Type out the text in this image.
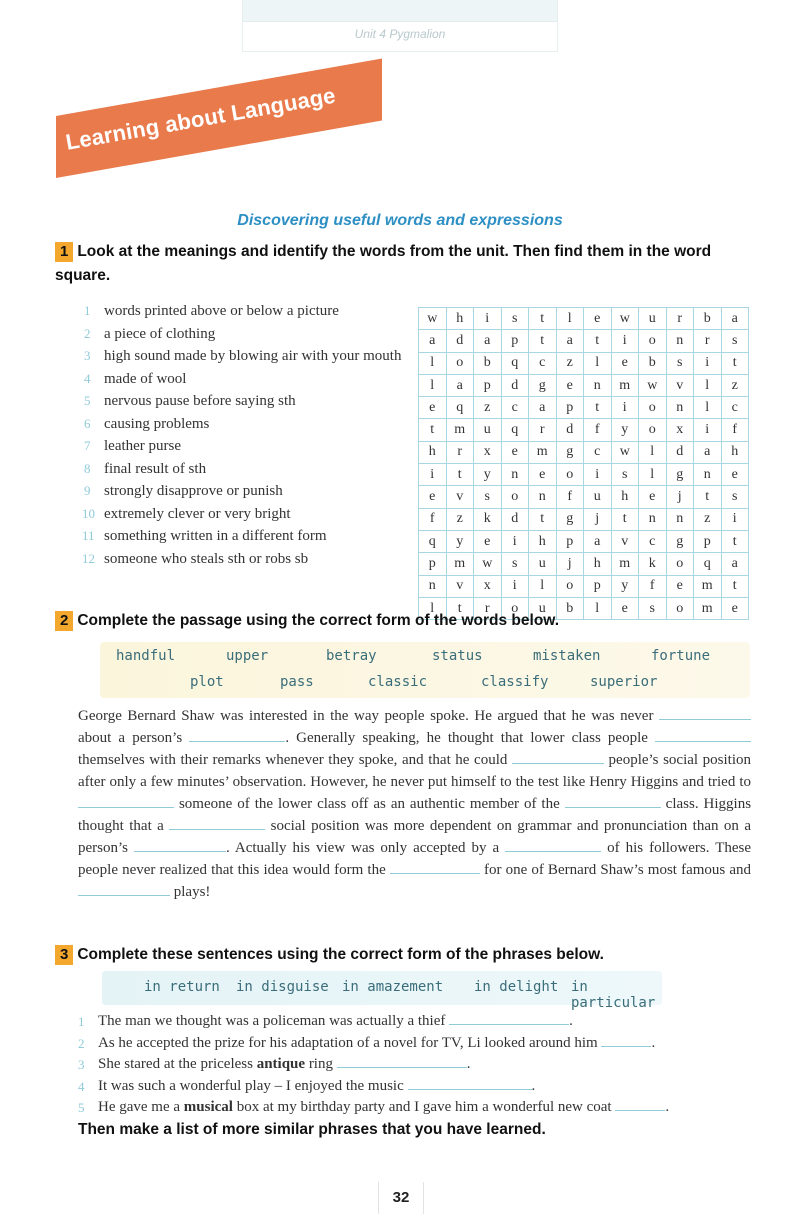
Unit 4 Pygmalion
Learning about Language
Discovering useful words and expressions
1 Look at the meanings and identify the words from the unit. Then find them in the word square.
1 words printed above or below a picture
2 a piece of clothing
3 high sound made by blowing air with your mouth
4 made of wool
5 nervous pause before saying sth
6 causing problems
7 leather purse
8 final result of sth
9 strongly disapprove or punish
10 extremely clever or very bright
11 something written in a different form
12 someone who steals sth or robs sb
w	h	i	s	t	l	e	w	u	r	b	a
a	d	a	p	t	a	t	i	o	n	r	s
l	o	b	q	c	z	l	e	b	s	i	t
l	a	p	d	g	e	n	m	w	v	l	z
e	q	z	c	a	p	t	i	o	n	l	c
t	m	u	q	r	d	f	y	o	x	i	f
h	r	x	e	m	g	c	w	l	d	a	h
i	t	y	n	e	o	i	s	l	g	n	e
e	v	s	o	n	f	u	h	e	j	t	s
f	z	k	d	t	g	j	t	n	n	z	i
q	y	e	i	h	p	a	v	c	g	p	t
p	m	w	s	u	j	h	m	k	o	q	a
n	v	x	i	l	o	p	y	f	e	m	t
l	t	r	o	u	b	l	e	s	o	m	e
2 Complete the passage using the correct form of the words below.
handful	upper	betray	status	mistaken	fortune
plot	pass	classic	classify	superior
George Bernard Shaw was interested in the way people spoke. He argued that he was never  about a person’s	. Generally speaking, he thought that lower class people  themselves with their remarks whenever they spoke, and that he could	people’s social position after only a few minutes’ observation. However, he never put himself to the test like Henry Higgins and tried to  someone of the lower class off as an authentic member of the	class. Higgins thought that a	social position was more dependent on grammar and pronunciation than on a person’s	. Actually his view was only accepted by a	of his followers. These people never realized that this idea would form the	for one of Bernard Shaw’s most famous and  plays!
3 Complete these sentences using the correct form of the phrases below.
in return in disguise in amazement in delight in particular
1 The man we thought was a policeman was actually a thief	.
2 As he accepted the prize for his adaptation of a novel for TV, Li looked around him	.
3 She stared at the priceless antique ring	.
4 It was such a wonderful play – I enjoyed the music	.
5 He gave me a musical box at my birthday party and I gave him a wonderful new coat	.
Then make a list of more similar phrases that you have learned.
32
